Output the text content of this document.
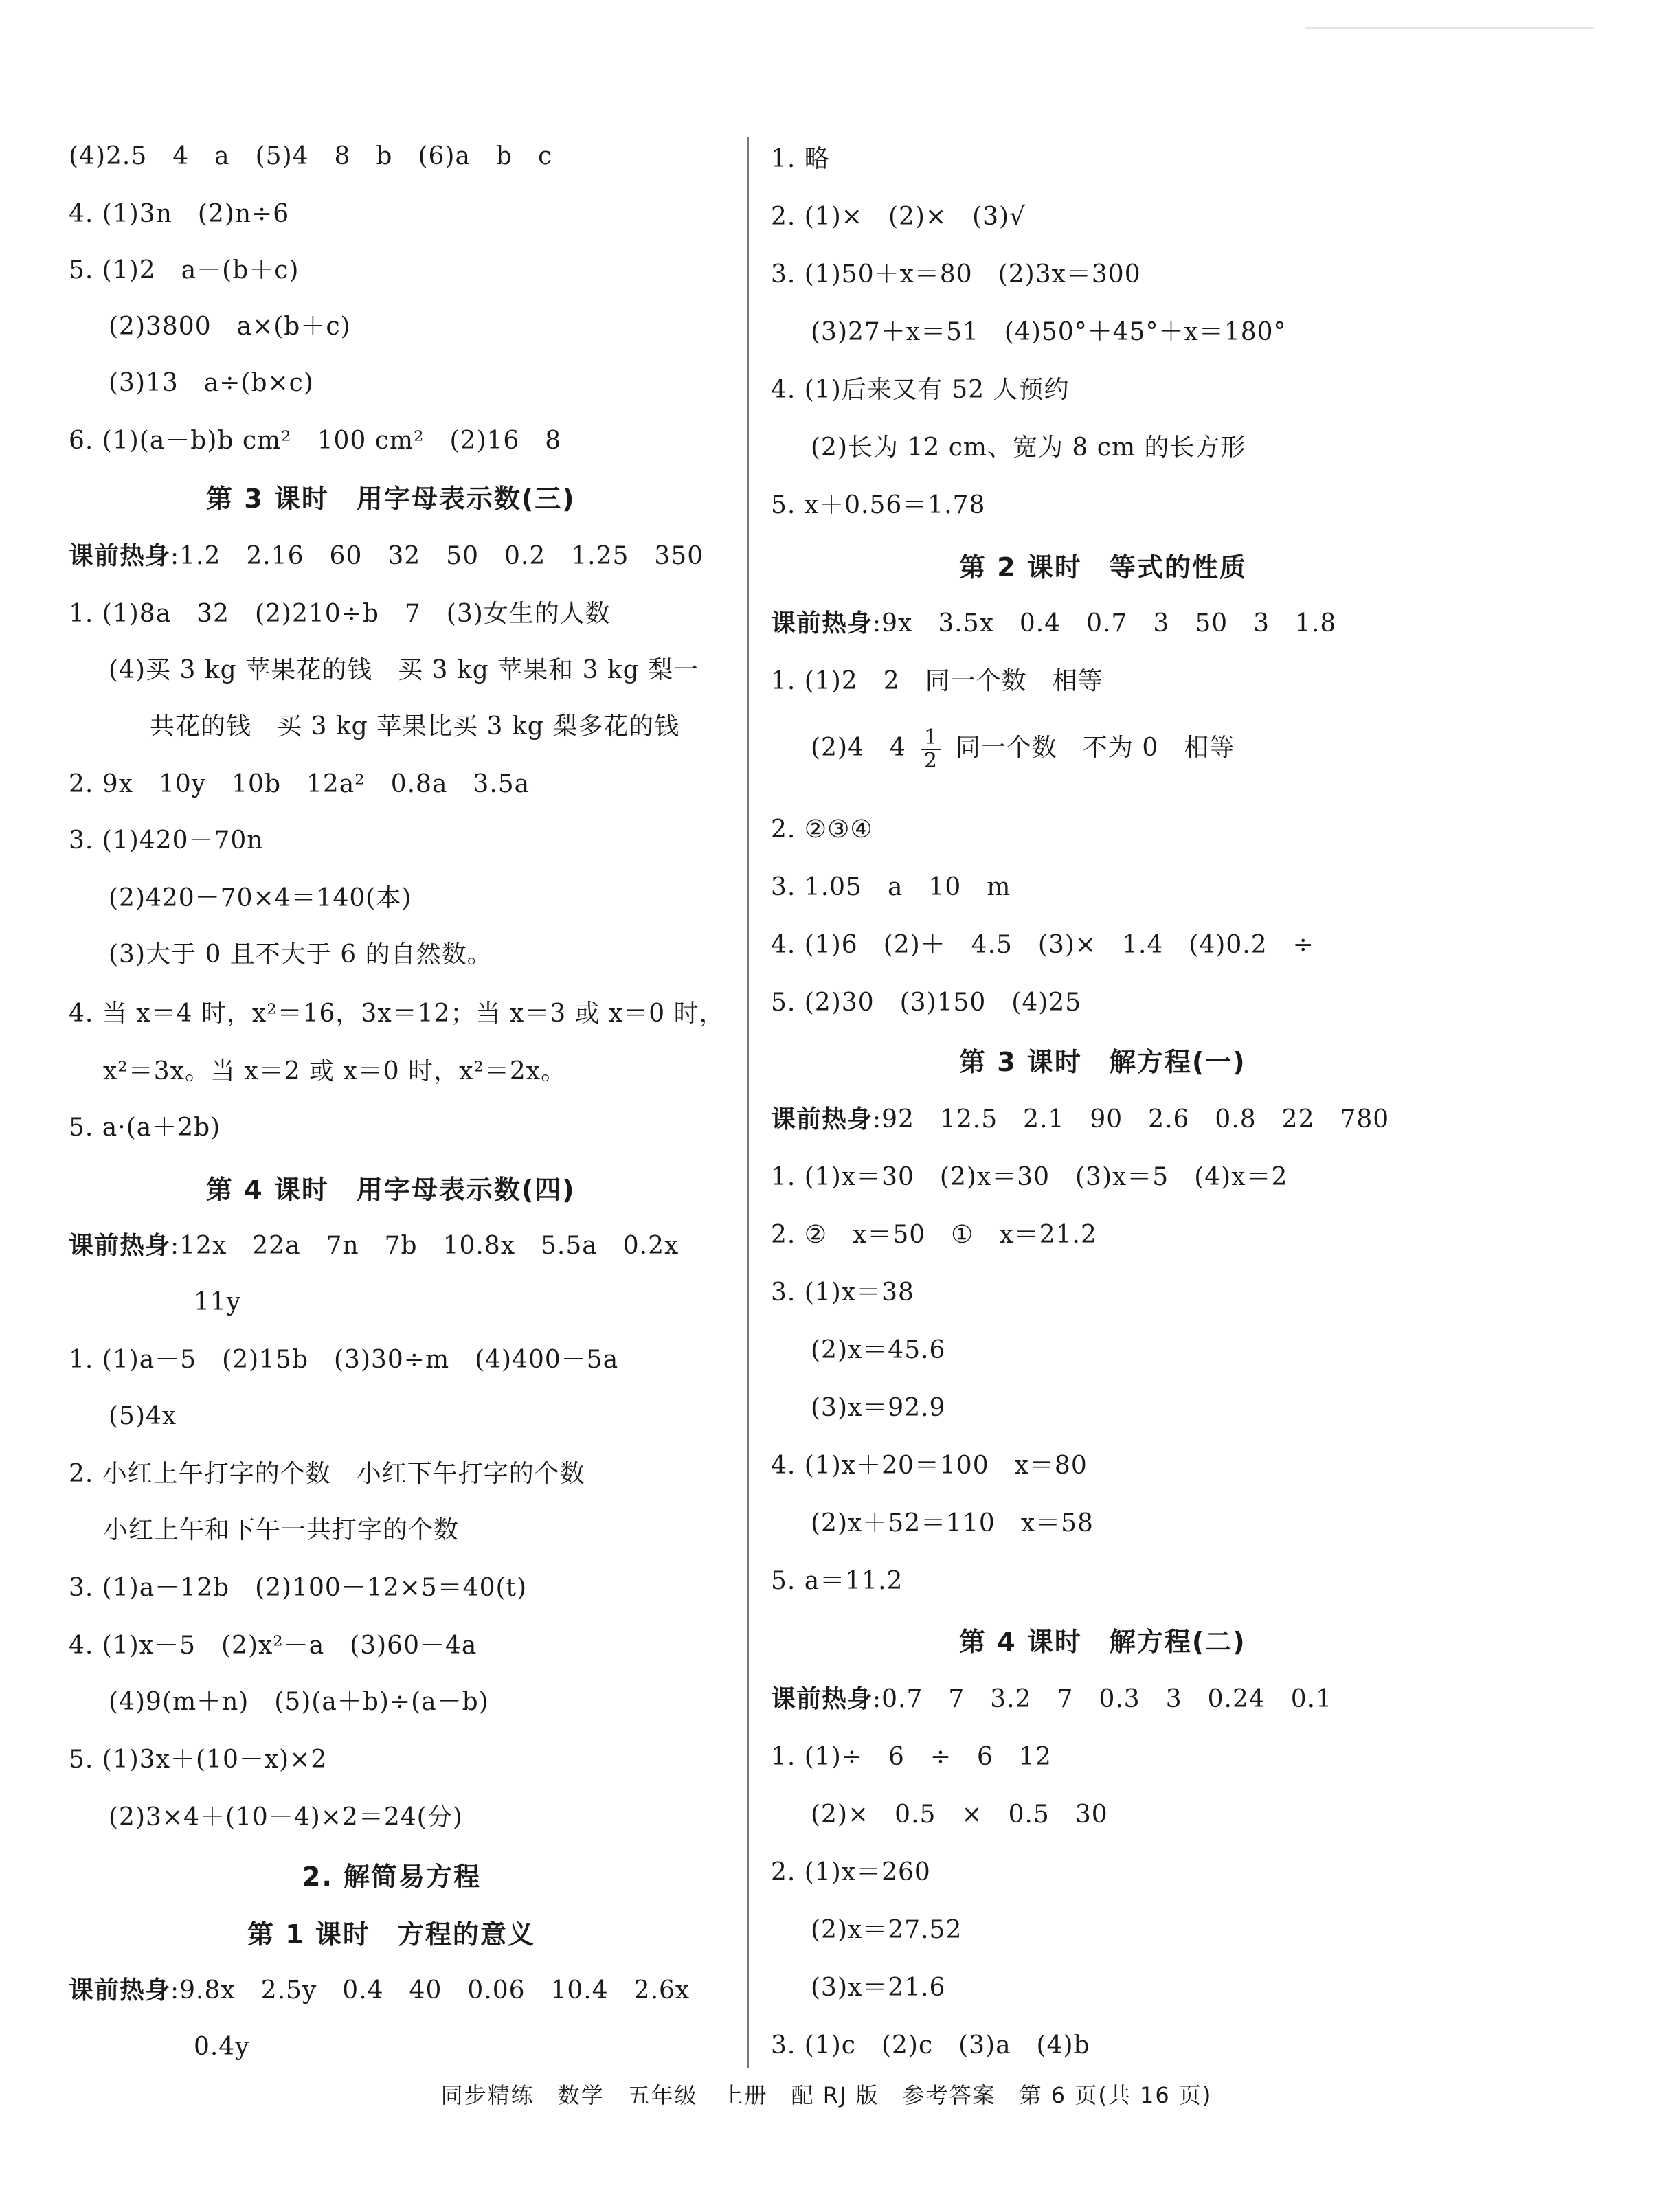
(4)2.5　4　a　(5)4　8　b　(6)a　b　c
4. (1)3n　(2)n÷6
5. (1)2　a－(b＋c)
(2)3800　a×(b＋c)
(3)13　a÷(b×c)
6. (1)(a－b)b cm²　100 cm²　(2)16　8
第 3 课时　用字母表示数(三)
课前热身:1.2　2.16　60　32　50　0.2　1.25　350
1. (1)8a　32　(2)210÷b　7　(3)女生的人数
(4)买 3 kg 苹果花的钱　买 3 kg 苹果和 3 kg 梨一
共花的钱　买 3 kg 苹果比买 3 kg 梨多花的钱
2. 9x　10y　10b　12a²　0.8a　3.5a
3. (1)420－70n
(2)420－70×4＝140(本)
(3)大于 0 且不大于 6 的自然数。
4. 当 x＝4 时，x²＝16，3x＝12；当 x＝3 或 x＝0 时，
x²＝3x。当 x＝2 或 x＝0 时，x²＝2x。
5. a·(a＋2b)
第 4 课时　用字母表示数(四)
课前热身:12x　22a　7n　7b　10.8x　5.5a　0.2x
11y
1. (1)a－5　(2)15b　(3)30÷m　(4)400－5a
(5)4x
2. 小红上午打字的个数　小红下午打字的个数
小红上午和下午一共打字的个数
3. (1)a－12b　(2)100－12×5＝40(t)
4. (1)x－5　(2)x²－a　(3)60－4a
(4)9(m＋n)　(5)(a＋b)÷(a－b)
5. (1)3x＋(10－x)×2
(2)3×4＋(10－4)×2＝24(分)
2. 解简易方程
第 1 课时　方程的意义
课前热身:9.8x　2.5y　0.4　40　0.06　10.4　2.6x
0.4y
1. 略
2. (1)×　(2)×　(3)√
3. (1)50＋x＝80　(2)3x＝300
(3)27＋x＝51　(4)50°＋45°＋x＝180°
4. (1)后来又有 52 人预约
(2)长为 12 cm、宽为 8 cm 的长方形
5. x＋0.56＝1.78
第 2 课时　等式的性质
课前热身:9x　3.5x　0.4　0.7　3　50　3　1.8
1. (1)2　2　同一个数　相等
(2)4　$4 \frac{1}{2}$ 同一个数　不为 0　相等
2. ②③④
3. 1.05　a　10　m
4. (1)6　(2)＋　4.5　(3)×　1.4　(4)0.2　÷
5. (2)30　(3)150　(4)25
第 3 课时　解方程(一)
课前热身:92　12.5　2.1　90　2.6　0.8　22　780
1. (1)x＝30　(2)x＝30　(3)x＝5　(4)x＝2
2. ②　x＝50　①　x＝21.2
3. (1)x＝38
(2)x＝45.6
(3)x＝92.9
4. (1)x＋20＝100　x＝80
(2)x＋52＝110　x＝58
5. a＝11.2
第 4 课时　解方程(二)
课前热身:0.7　7　3.2　7　0.3　3　0.24　0.1
1. (1)÷　6　÷　6　12
(2)×　0.5　×　0.5　30
2. (1)x＝260
(2)x＝27.52
(3)x＝21.6
3. (1)c　(2)c　(3)a　(4)b
同步精练　数学　五年级　上册　配 RJ 版　参考答案　第 6 页(共 16 页)
